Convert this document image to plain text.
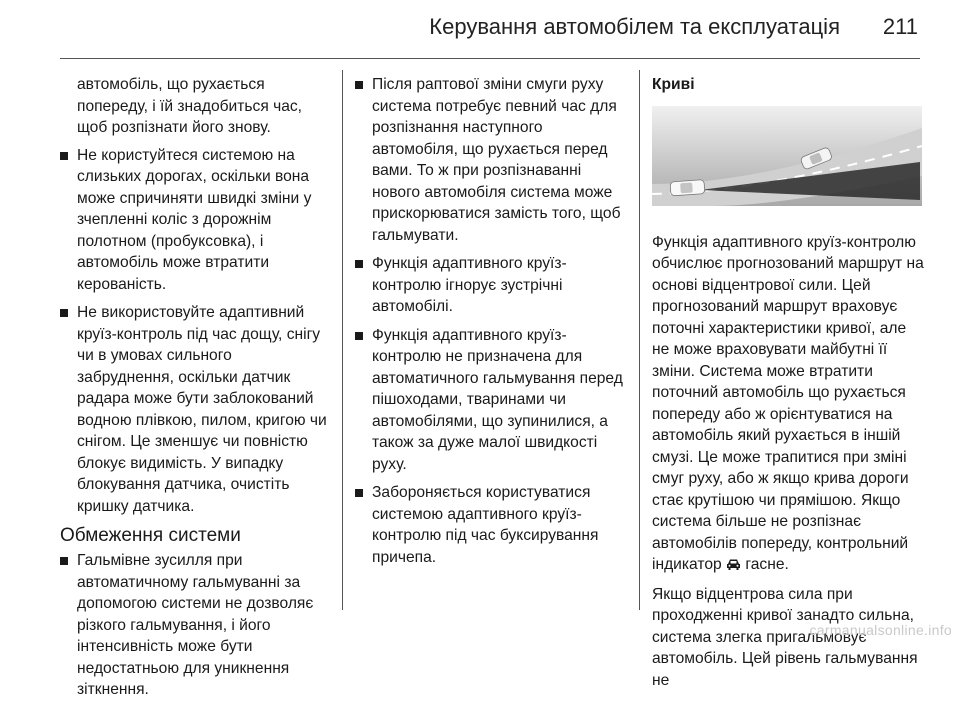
Керування автомобілем та експлуатація 211

автомобіль, що рухається попереду, і їй знадобиться час, щоб розпізнати його знову.

Не користуйтеся системою на слизьких дорогах, оскільки вона може спричиняти швидкі зміни у зчепленні коліс з дорожнім полотном (пробуксовка), і автомобіль може втратити керованість.
Не використовуйте адаптивний круїз-контроль під час дощу, снігу чи в умовах сильного забруднення, оскільки датчик радара може бути заблокований водною плівкою, пилом, кригою чи снігом. Це зменшує чи повністю блокує видимість. У випадку блокування датчика, очистіть кришку датчика.
Обмеження системи
Гальмівне зусилля при автоматичному гальмуванні за допомогою системи не дозволяє різкого гальмування, і його інтенсивність може бути недостатньою для уникнення зіткнення.
Після раптової зміни смуги руху система потребує певний час для розпізнання наступного автомобіля, що рухається перед вами. То ж при розпізнаванні нового автомобіля система може прискорюватися замість того, щоб гальмувати.
Функція адаптивного круїз-контролю ігнорує зустрічні автомобілі.
Функція адаптивного круїз-контролю не призначена для автоматичного гальмування перед пішоходами, тваринами чи автомобілями, що зупинилися, а також за дуже малої швидкості руху.
Забороняється користуватися системою адаптивного круїз-контролю під час буксирування причепа.
Криві

Функція адаптивного круїз-контролю обчислює прогнозований маршрут на основі відцентрової сили. Цей прогнозований маршрут враховує поточні характеристики кривої, але не може враховувати майбутні її зміни. Система може втратити поточний автомобіль що рухається попереду або ж орієнтуватися на автомобіль який рухається в іншій смузі. Це може трапитися при зміні смуг руху, або ж якщо крива дороги стає крутішою чи прямішою. Якщо система більше не розпізнає автомобілів попереду, контрольний індикатор гасне.

Якщо відцентрова сила при проходженні кривої занадто сильна, система злегка пригальмовує автомобіль. Цей рівень гальмування не

carmanualsonline.info
